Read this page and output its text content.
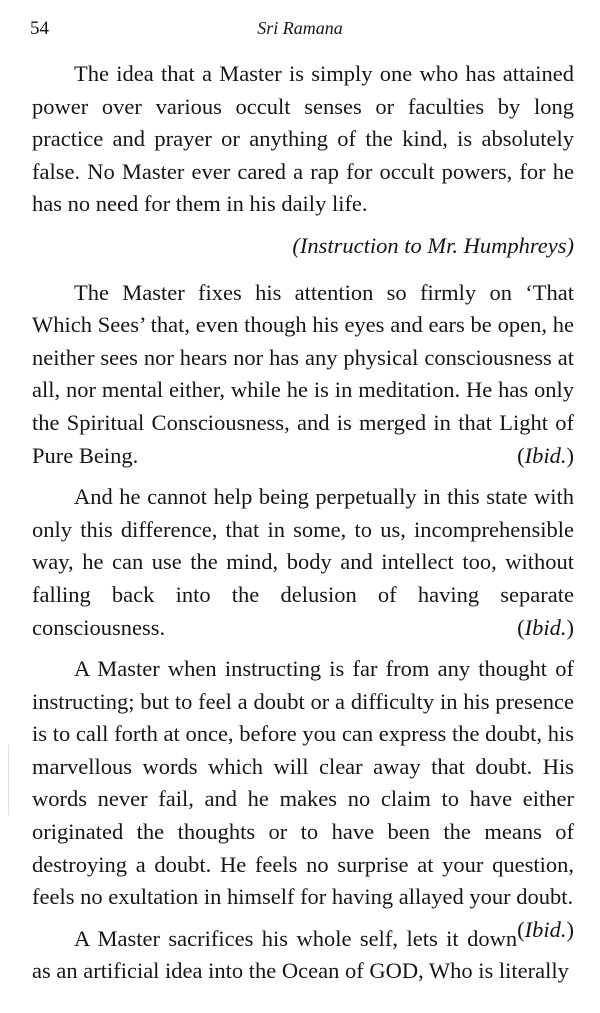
54	Sri Ramana

The idea that a Master is simply one who has attained power over various occult senses or faculties by long practice and prayer or anything of the kind, is absolutely false. No Master ever cared a rap for occult powers, for he has no need for them in his daily life.

(Instruction to Mr. Humphreys)

The Master fixes his attention so firmly on ‘That Which Sees’ that, even though his eyes and ears be open, he neither sees nor hears nor has any physical consciousness at all, nor mental either, while he is in meditation. He has only the Spiritual Consciousness, and is merged in that Light of Pure Being.	(Ibid.)

And he cannot help being perpetually in this state with only this difference, that in some, to us, incomprehensible way, he can use the mind, body and intellect too, without falling back into the delusion of having separate consciousness.	(Ibid.)

A Master when instructing is far from any thought of instructing; but to feel a doubt or a difficulty in his presence is to call forth at once, before you can express the doubt, his marvellous words which will clear away that doubt. His words never fail, and he makes no claim to have either originated the thoughts or to have been the means of destroying a doubt. He feels no surprise at your question, feels no exultation in himself for having allayed your doubt.
(Ibid.)

A Master sacrifices his whole self, lets it down as an artificial idea into the Ocean of GOD, Who is literally
